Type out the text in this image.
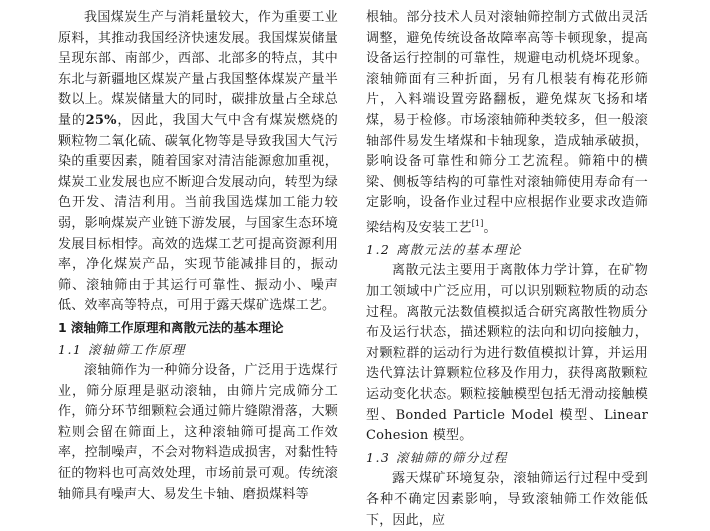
我国煤炭生产与消耗量较大，作为重要工业原料，其推动我国经济快速发展。我国煤炭储量呈现东部、南部少，西部、北部多的特点，其中东北与新疆地区煤炭产量占我国整体煤炭产量半数以上。煤炭储量大的同时，碳排放量占全球总量的25%，因此，我国大气中含有煤炭燃烧的颗粒物二氧化硫、碳氧化物等是导致我国大气污染的重要因素，随着国家对清洁能源愈加重视，煤炭工业发展也应不断迎合发展动向，转型为绿色开发、清洁利用。当前我国选煤加工能力较弱，影响煤炭产业链下游发展，与国家生态环境发展目标相悖。高效的选煤工艺可提高资源利用率，净化煤炭产品，实现节能减排目的，振动筛、滚轴筛由于其运行可靠性、振动小、噪声低、效率高等特点，可用于露天煤矿选煤工艺。

1 滚轴筛工作原理和离散元法的基本理论

1.1 滚轴筛工作原理

滚轴筛作为一种筛分设备，广泛用于选煤行业，筛分原理是驱动滚轴，由筛片完成筛分工作，筛分环节细颗粒会通过筛片缝隙滑落，大颗粒则会留在筛面上，这种滚轴筛可提高工作效率，控制噪声，不会对物料造成损害，对黏性特征的物料也可高效处理，市场前景可观。传统滚轴筛具有噪声大、易发生卡轴、磨损煤料等

根轴。部分技术人员对滚轴筛控制方式做出灵活调整，避免传统设备故障率高等卡顿现象，提高设备运行控制的可靠性，规避电动机烧坏现象。滚轴筛面有三种折面，另有几根装有梅花形筛片，入料端设置旁路翻板，避免煤灰飞扬和堵煤，易于检修。市场滚轴筛种类较多，但一般滚轴部件易发生堵煤和卡轴现象，造成轴承破损，影响设备可靠性和筛分工艺流程。筛箱中的横梁、侧板等结构的可靠性对滚轴筛使用寿命有一定影响，设备作业过程中应根据作业要求改造筛梁结构及安装工艺[1]。

1.2 离散元法的基本理论

离散元法主要用于离散体力学计算，在矿物加工领域中广泛应用，可以识别颗粒物质的动态过程。离散元法数值模拟适合研究离散性物质分布及运行状态，描述颗粒的法向和切向接触力，对颗粒群的运动行为进行数值模拟计算，并运用迭代算法计算颗粒位移及作用力，获得离散颗粒运动变化状态。颗粒接触模型包括无滑动接触模型、Bonded Particle Model 模型、Linear Cohesion 模型。

1.3 滚轴筛的筛分过程

露天煤矿环境复杂，滚轴筛运行过程中受到各种不确定因素影响，导致滚轴筛工作效能低下，因此，应
